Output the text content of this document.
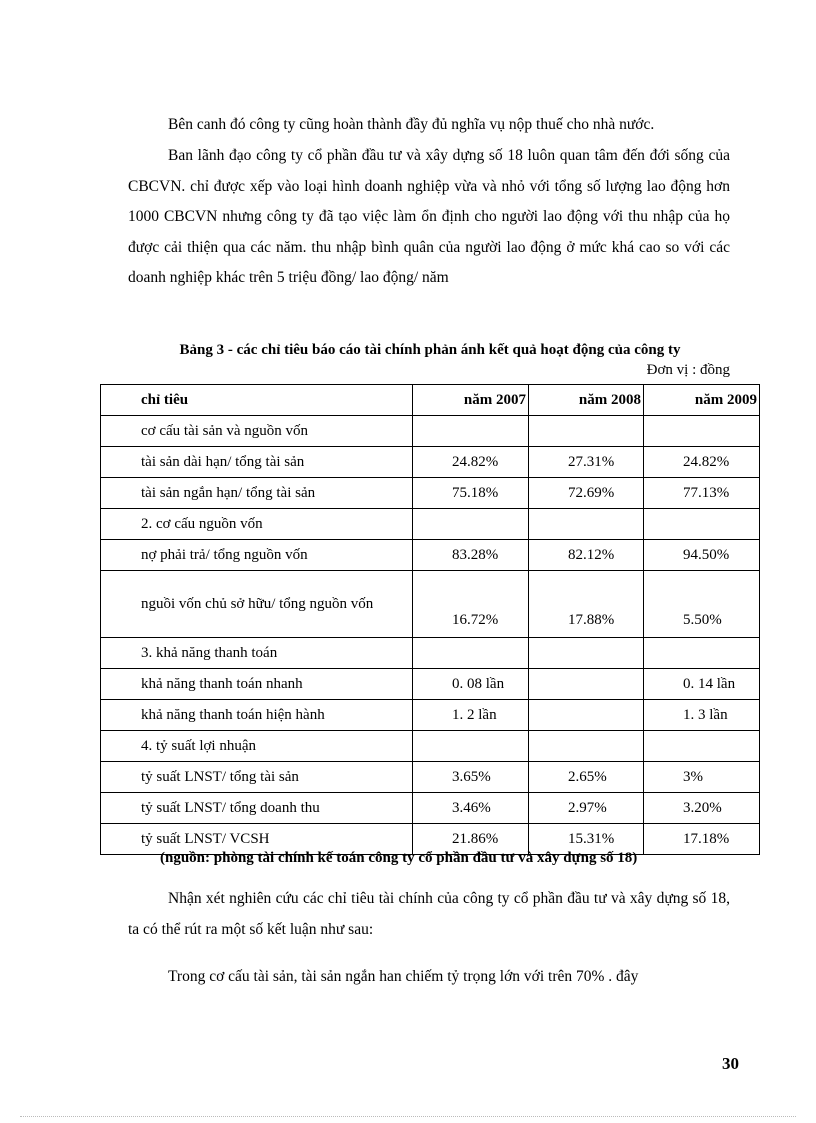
Bên canh đó công ty cũng hoàn thành đầy đủ nghĩa vụ nộp thuế cho nhà nước.

Ban lãnh đạo công ty cổ phần đầu tư và xây dựng số 18 luôn quan tâm đến đới sống của CBCVN. chỉ được xếp vào loại hình doanh nghiệp vừa và nhỏ với tổng số lượng lao động hơn 1000 CBCVN nhưng công ty đã tạo việc làm ổn định cho người lao động với thu nhập của họ được cải thiện qua các năm. thu nhập bình quân của người lao động ở mức khá cao so với các doanh nghiệp khác trên 5 triệu đồng/ lao động/ năm

Bảng 3 - các chỉ tiêu báo cáo tài chính phản ánh kết quả hoạt động của công ty

Đơn vị : đồng

chỉ tiêu	năm 2007	năm 2008	năm 2009
cơ cấu tài sản và nguồn vốn			
tài sản dài hạn/ tổng tài sản	24.82%	27.31%	24.82%
tài sản ngắn hạn/ tổng tài sản	75.18%	72.69%	77.13%
2. cơ cấu nguồn vốn			
nợ phải trả/ tổng nguồn vốn	83.28%	82.12%	94.50%
nguồi vốn chủ sở hữu/ tổng nguồn vốn	16.72%	17.88%	5.50%
3. khả năng thanh toán			
khả năng thanh toán nhanh	0. 08 lần		0. 14 lần
khả năng thanh toán hiện hành	1. 2 lần		1. 3 lần
4. tỷ suất lợi nhuận			
tỷ suất LNST/ tổng tài sản	3.65%	2.65%	3%
tỷ suất LNST/ tổng doanh thu	3.46%	2.97%	3.20%
tỷ suất LNST/ VCSH	21.86%	15.31%	17.18%

(nguồn: phòng tài chính kế toán công ty cổ phần đầu tư và xây dựng số 18)

Nhận xét nghiên cứu các chỉ tiêu tài chính của công ty cổ phần đầu tư và xây dựng số 18, ta có thể rút ra một số kết luận như sau:

Trong cơ cấu tài sản, tài sản ngắn han chiếm tỷ trọng lớn với trên 70% . đây

30
